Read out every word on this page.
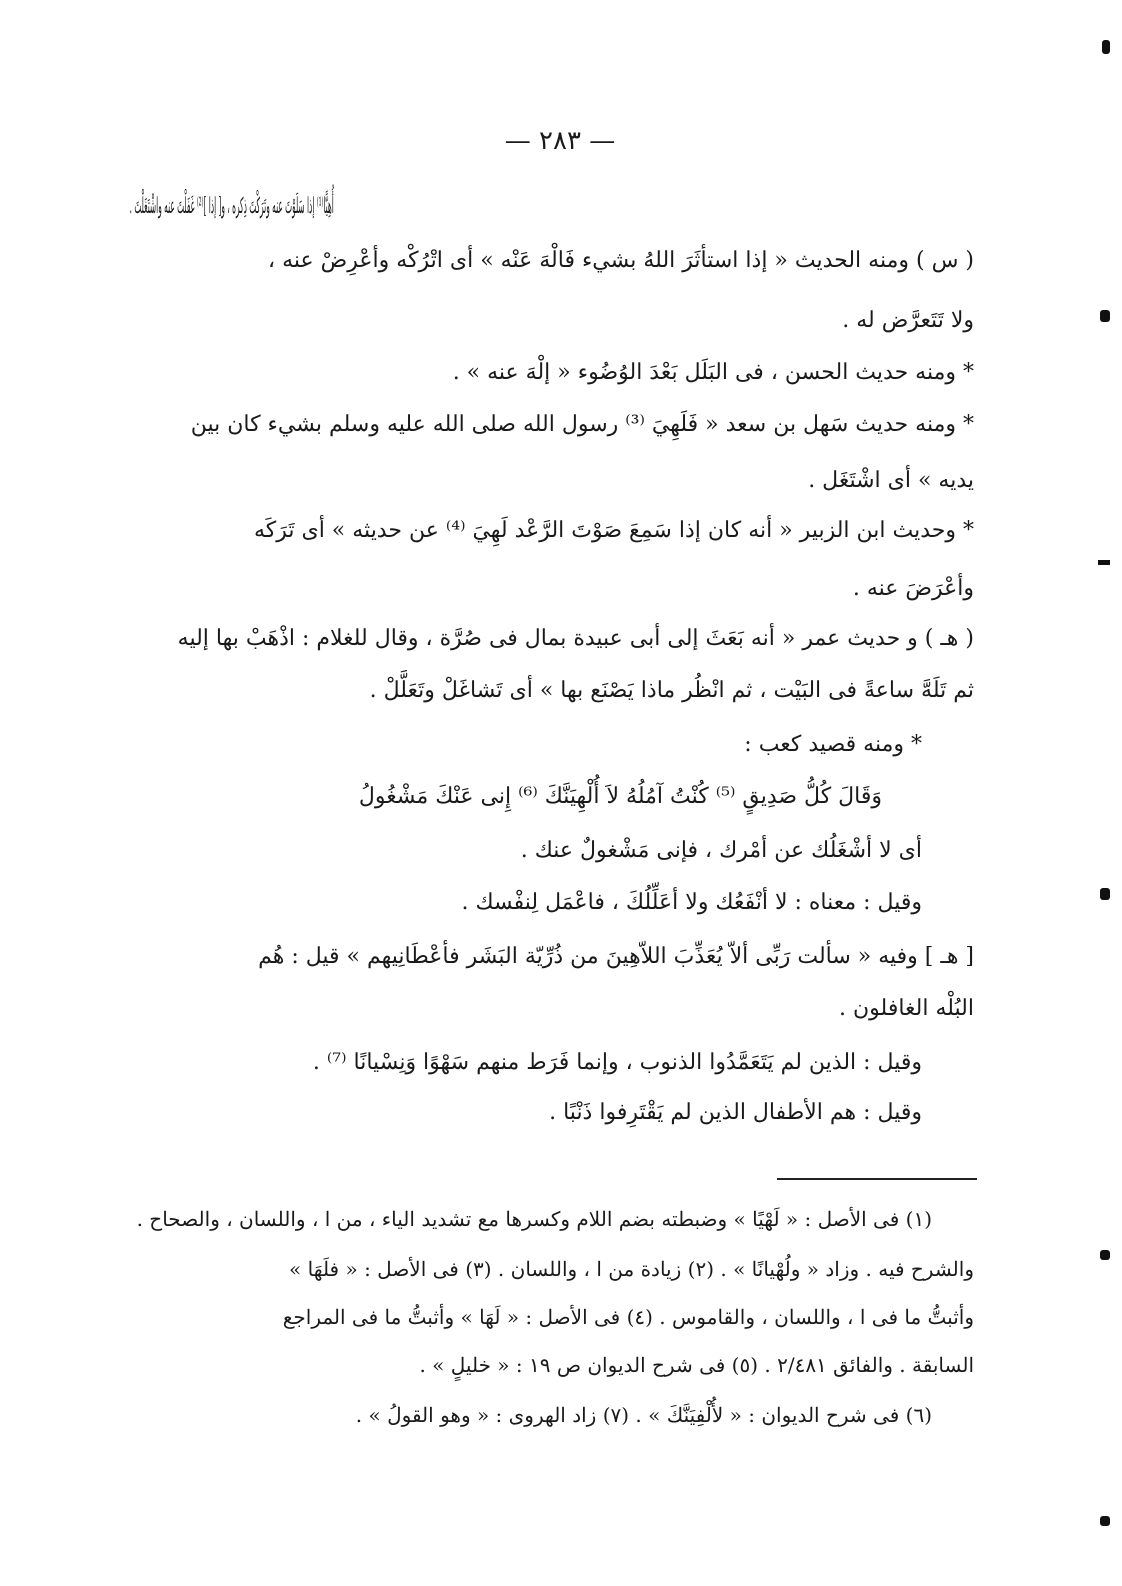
— ٢٨٣ —
أُهِيًّا⁽¹⁾ إذا سَلَوْتَ عنه وتَرَكْتَ ذِكره ، و[ إذا ]⁽²⁾ غَفَلْتَ عنه واشْتَغَلْتَ .
( س ) ومنه الحديث « إذا استأثَرَ اللهُ بشيء فَالْهَ عَنْه » أى اتْرُكْه وأعْرِضْ عنه ،
ولا تَتَعرَّض له .
* ومنه حديث الحسن ، فى البَلَل بَعْدَ الوُضُوء « إلْهَ عنه » .
* ومنه حديث سَهل بن سعد « فَلَهِيَ ⁽³⁾ رسول الله صلى الله عليه وسلم بشيء كان بين
يديه » أى اشْتَغَل .
* وحديث ابن الزبير « أنه كان إذا سَمِعَ صَوْتَ الرَّعْد لَهِيَ ⁽⁴⁾ عن حديثه » أى تَرَكَه
وأعْرَضَ عنه .
( هـ ) و حديث عمر « أنه بَعَثَ إلى أبى عبيدة بمال فى صُرَّة ، وقال للغلام : اذْهَبْ بها إليه
ثم تَلَهَّ ساعةً فى البَيْت ، ثم انْظُر ماذا يَصْنَع بها » أى تَشاغَلْ وتَعَلَّلْ .
* ومنه قصيد كعب :
وَقَالَ كُلُّ صَدِيقٍ ⁽⁵⁾ كُنْتُ آمُلُهُ لاَ أُلْهِيَنَّكَ ⁽⁶⁾ إِنى عَنْكَ مَشْغُولُ
أى لا أشْغَلُك عن أمْرك ، فإنى مَشْغولٌ عنك .
وقيل : معناه : لا أنْفَعُك ولا أعَلِّلُكَ ، فاعْمَل لِنفْسك .
[ هـ ] وفيه « سألت رَبِّى ألاّ يُعَذِّبَ اللاّهِينَ من ذُرِّيّة البَشَر فأعْطَانِيهم » قيل : هُم
البُلْه الغافلون .
وقيل : الذين لم يَتَعَمَّدُوا الذنوب ، وإنما فَرَط منهم سَهْوًا وَنِسْيانًا ⁽⁷⁾ .
وقيل : هم الأطفال الذين لم يَقْتَرِفوا ذَنْبًا .
(١) فى الأصل : « لَهْيًا » وضبطته بضم اللام وكسرها مع تشديد الياء ، من ا ، واللسان ، والصحاح .
والشرح فيه . وزاد « ولُهْيانًا » . (٢) زيادة من ا ، واللسان . (٣) فى الأصل : « فلَهَا »
وأثبتُّ ما فى ا ، واللسان ، والقاموس . (٤) فى الأصل : « لَهَا » وأثبتُّ ما فى المراجع
السابقة . والفائق ٢/٤٨١ . (٥) فى شرح الديوان ص ١٩ : « خليلٍ » .
(٦) فى شرح الديوان : « لأُلْفِيَنَّكَ » . (٧) زاد الهروى : « وهو القولُ » .
